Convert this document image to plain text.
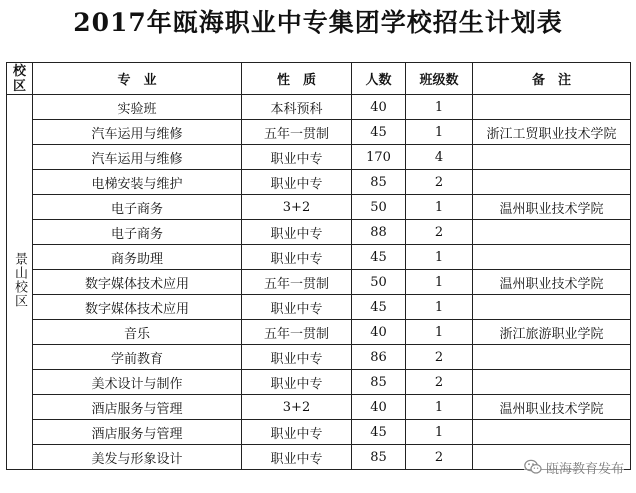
2017年瓯海职业中专集团学校招生计划表
校区	专　业	性　质	人数	班级数	备　注
景山校区	实验班	本科预科	40	1	
	汽车运用与维修	五年一贯制	45	1	浙江工贸职业技术学院
	汽车运用与维修	职业中专	170	4	
	电梯安装与维护	职业中专	85	2	
	电子商务	3+2	50	1	温州职业技术学院
	电子商务	职业中专	88	2	
	商务助理	职业中专	45	1	
	数字媒体技术应用	五年一贯制	50	1	温州职业技术学院
	数字媒体技术应用	职业中专	45	1	
	音乐	五年一贯制	40	1	浙江旅游职业学院
	学前教育	职业中专	86	2	
	美术设计与制作	职业中专	85	2	
	酒店服务与管理	3+2	40	1	温州职业技术学院
	酒店服务与管理	职业中专	45	1	
	美发与形象设计	职业中专	85	2	
瓯海教育发布
